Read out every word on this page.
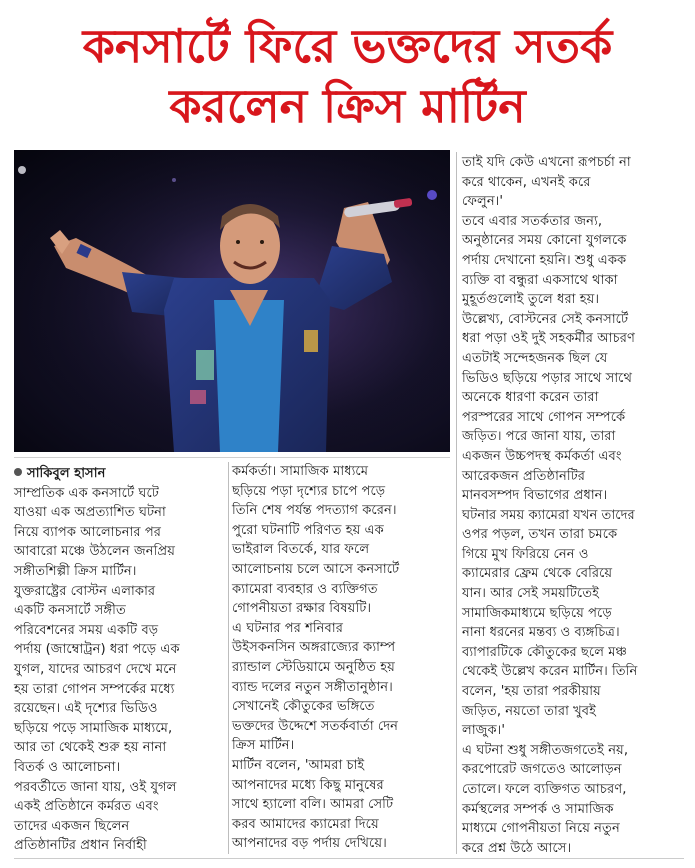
কনসার্টে ফিরে ভক্তদের সতর্ক
করলেন ক্রিস মার্টিন

সাকিবুল হাসান

সাম্প্রতিক এক কনসার্টে ঘটে

যাওয়া এক অপ্রত্যাশিত ঘটনা

নিয়ে ব্যাপক আলোচনার পর

আবারো মঞ্চে উঠলেন জনপ্রিয়

সঙ্গীতশিল্পী ক্রিস মার্টিন।

যুক্তরাষ্ট্রের বোস্টন এলাকার

একটি কনসার্টে সঙ্গীত

পরিবেশনের সময় একটি বড়

পর্দায় (জাম্বোট্রন) ধরা পড়ে এক

যুগল, যাদের আচরণ দেখে মনে

হয় তারা গোপন সম্পর্কের মধ্যে

রয়েছেন। এই দৃশ্যের ভিডিও

ছড়িয়ে পড়ে সামাজিক মাধ্যমে,

আর তা থেকেই শুরু হয় নানা

বিতর্ক ও আলোচনা।

পরবর্তীতে জানা যায়, ওই যুগল

একই প্রতিষ্ঠানে কর্মরত এবং

তাদের একজন ছিলেন

প্রতিষ্ঠানটির প্রধান নির্বাহী

কর্মকর্তা। সামাজিক মাধ্যমে

ছড়িয়ে পড়া দৃশ্যের চাপে পড়ে

তিনি শেষ পর্যন্ত পদত্যাগ করেন।

পুরো ঘটনাটি পরিণত হয় এক

ভাইরাল বিতর্কে, যার ফলে

আলোচনায় চলে আসে কনসার্টে

ক্যামেরা ব্যবহার ও ব্যক্তিগত

গোপনীয়তা রক্ষার বিষয়টি।

এ ঘটনার পর শনিবার

উইসকনসিন অঙ্গরাজ্যের ক্যাম্প

র‍্যান্ডাল স্টেডিয়ামে অনুষ্ঠিত হয়

ব্যান্ড দলের নতুন সঙ্গীতানুষ্ঠান।

সেখানেই কৌতুকের ভঙ্গিতে

ভক্তদের উদ্দেশে সতর্কবার্তা দেন

ক্রিস মার্টিন।

মার্টিন বলেন, 'আমরা চাই

আপনাদের মধ্যে কিছু মানুষের

সাথে হ্যালো বলি। আমরা সেটি

করব আমাদের ক্যামেরা দিয়ে

আপনাদের বড় পর্দায় দেখিয়ে।

তাই যদি কেউ এখনো রূপচর্চা না

করে থাকেন, এখনই করে

ফেলুন।'

তবে এবার সতর্কতার জন্য,

অনুষ্ঠানের সময় কোনো যুগলকে

পর্দায় দেখানো হয়নি। শুধু একক

ব্যক্তি বা বন্ধুরা একসাথে থাকা

মুহূর্তগুলোই তুলে ধরা হয়।

উল্লেখ্য, বোস্টনের সেই কনসার্টে

ধরা পড়া ওই দুই সহকর্মীর আচরণ

এতটাই সন্দেহজনক ছিল যে

ভিডিও ছড়িয়ে পড়ার সাথে সাথে

অনেকে ধারণা করেন তারা

পরস্পরের সাথে গোপন সম্পর্কে

জড়িত। পরে জানা যায়, তারা

একজন উচ্চপদস্থ কর্মকর্তা এবং

আরেকজন প্রতিষ্ঠানটির

মানবসম্পদ বিভাগের প্রধান।

ঘটনার সময় ক্যামেরা যখন তাদের

ওপর পড়ল, তখন তারা চমকে

গিয়ে মুখ ফিরিয়ে নেন ও

ক্যামেরার ফ্রেম থেকে বেরিয়ে

যান। আর সেই সময়টিতেই

সামাজিকমাধ্যমে ছড়িয়ে পড়ে

নানা ধরনের মন্তব্য ও ব্যঙ্গচিত্র।

ব্যাপারটিকে কৌতুকের ছলে মঞ্চ

থেকেই উল্লেখ করেন মার্টিন। তিনি

বলেন, 'হয় তারা পরকীয়ায়

জড়িত, নয়তো তারা খুবই

লাজুক।'

এ ঘটনা শুধু সঙ্গীতজগতেই নয়,

করপোরেট জগতেও আলোড়ন

তোলে। ফলে ব্যক্তিগত আচরণ,

কর্মস্থলের সম্পর্ক ও সামাজিক

মাধ্যমে গোপনীয়তা নিয়ে নতুন

করে প্রশ্ন উঠে আসে।
